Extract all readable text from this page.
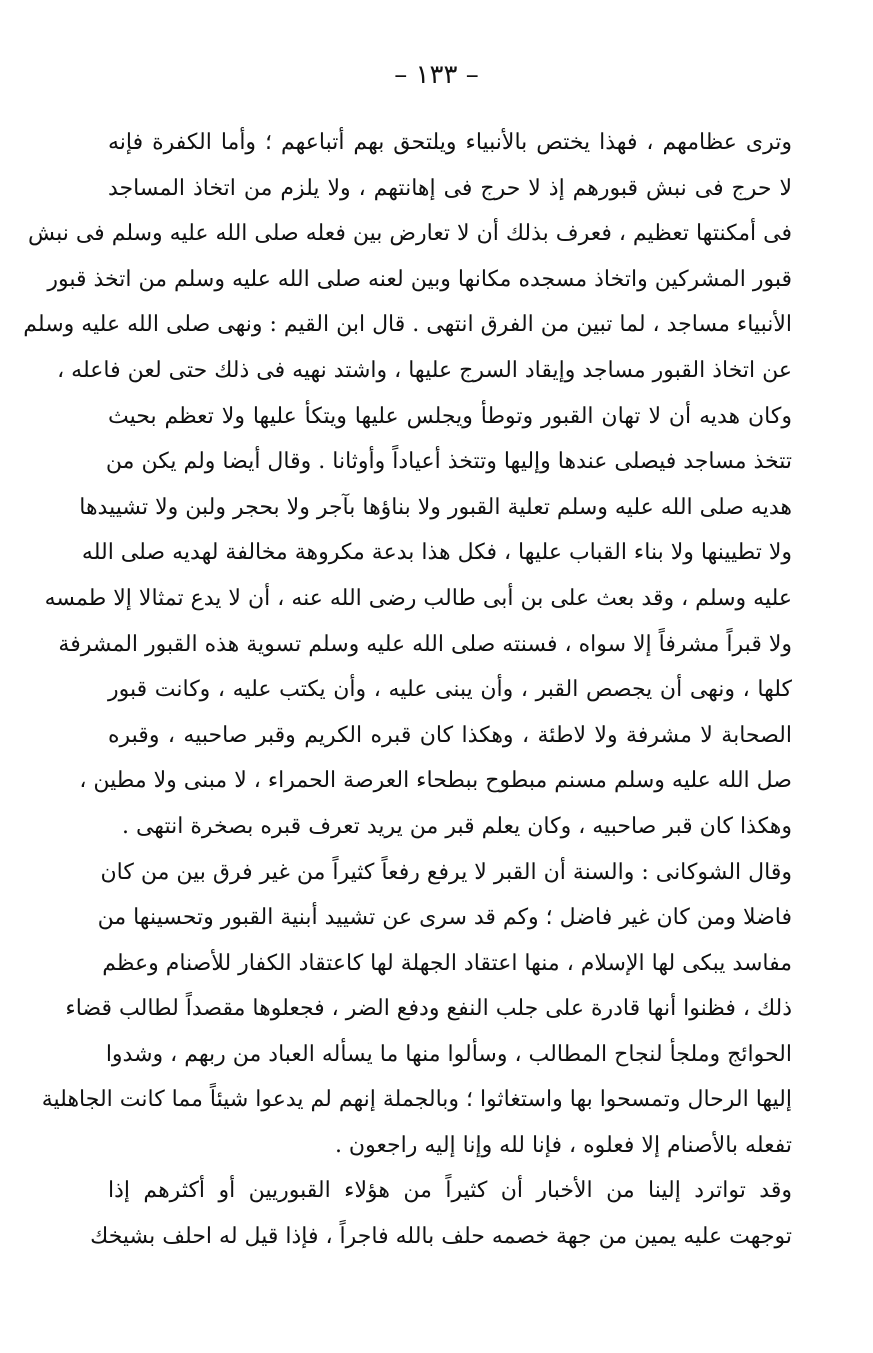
– ١٣٣ –
وترى عظامهم ، فهذا يختص بالأنبياء ويلتحق بهم أتباعهم ؛ وأما الكفرة فإنه
لا حرج فى نبش قبورهم إذ لا حرج فى إهانتهم ، ولا يلزم من اتخاذ المساجد
فى أمكنتها تعظيم ، فعرف بذلك أن لا تعارض بين فعله صلى الله عليه وسلم فى نبش
قبور المشركين واتخاذ مسجده مكانها وبين لعنه صلى الله عليه وسلم من اتخذ قبور
الأنبياء مساجد ، لما تبين من الفرق انتهى . قال ابن القيم : ونهى صلى الله عليه وسلم
عن اتخاذ القبور مساجد وإيقاد السرج عليها ، واشتد نهيه فى ذلك حتى لعن فاعله ،
وكان هديه أن لا تهان القبور وتوطأ ويجلس عليها ويتكأ عليها ولا تعظم بحيث
تتخذ مساجد فيصلى عندها وإليها وتتخذ أعياداً وأوثانا . وقال أيضا ولم يكن من
هديه صلى الله عليه وسلم تعلية القبور ولا بناؤها بآجر ولا بحجر ولبن ولا تشييدها
ولا تطيينها ولا بناء القباب عليها ، فكل هذا بدعة مكروهة مخالفة لهديه صلى الله
عليه وسلم ، وقد بعث على بن أبى طالب رضى الله عنه ، أن لا يدع تمثالا إلا طمسه
ولا قبراً مشرفاً إلا سواه ، فسنته صلى الله عليه وسلم تسوية هذه القبور المشرفة
كلها ، ونهى أن يجصص القبر ، وأن يبنى عليه ، وأن يكتب عليه ، وكانت قبور
الصحابة لا مشرفة ولا لاطئة ، وهكذا كان قبره الكريم وقبر صاحبيه ، وقبره
صل الله عليه وسلم مسنم مبطوح ببطحاء العرصة الحمراء ، لا مبنى ولا مطين ،
وهكذا كان قبر صاحبيه ، وكان يعلم قبر من يريد تعرف قبره بصخرة انتهى .
وقال الشوكانى : والسنة أن القبر لا يرفع رفعاً كثيراً من غير فرق بين من كان
فاضلا ومن كان غير فاضل ؛ وكم قد سرى عن تشييد أبنية القبور وتحسينها من
مفاسد يبكى لها الإسلام ، منها اعتقاد الجهلة لها كاعتقاد الكفار للأصنام وعظم
ذلك ، فظنوا أنها قادرة على جلب النفع ودفع الضر ، فجعلوها مقصداً لطالب قضاء
الحوائج وملجأ لنجاح المطالب ، وسألوا منها ما يسأله العباد من ربهم ، وشدوا
إليها الرحال وتمسحوا بها واستغاثوا ؛ وبالجملة إنهم لم يدعوا شيئاً مما كانت الجاهلية
تفعله بالأصنام إلا فعلوه ، فإنا لله وإنا إليه راجعون .
وقد تواترد إلينا من الأخبار أن كثيراً من هؤلاء القبوريين أو أكثرهم إذا
توجهت عليه يمين من جهة خصمه حلف بالله فاجراً ، فإذا قيل له احلف بشيخك
